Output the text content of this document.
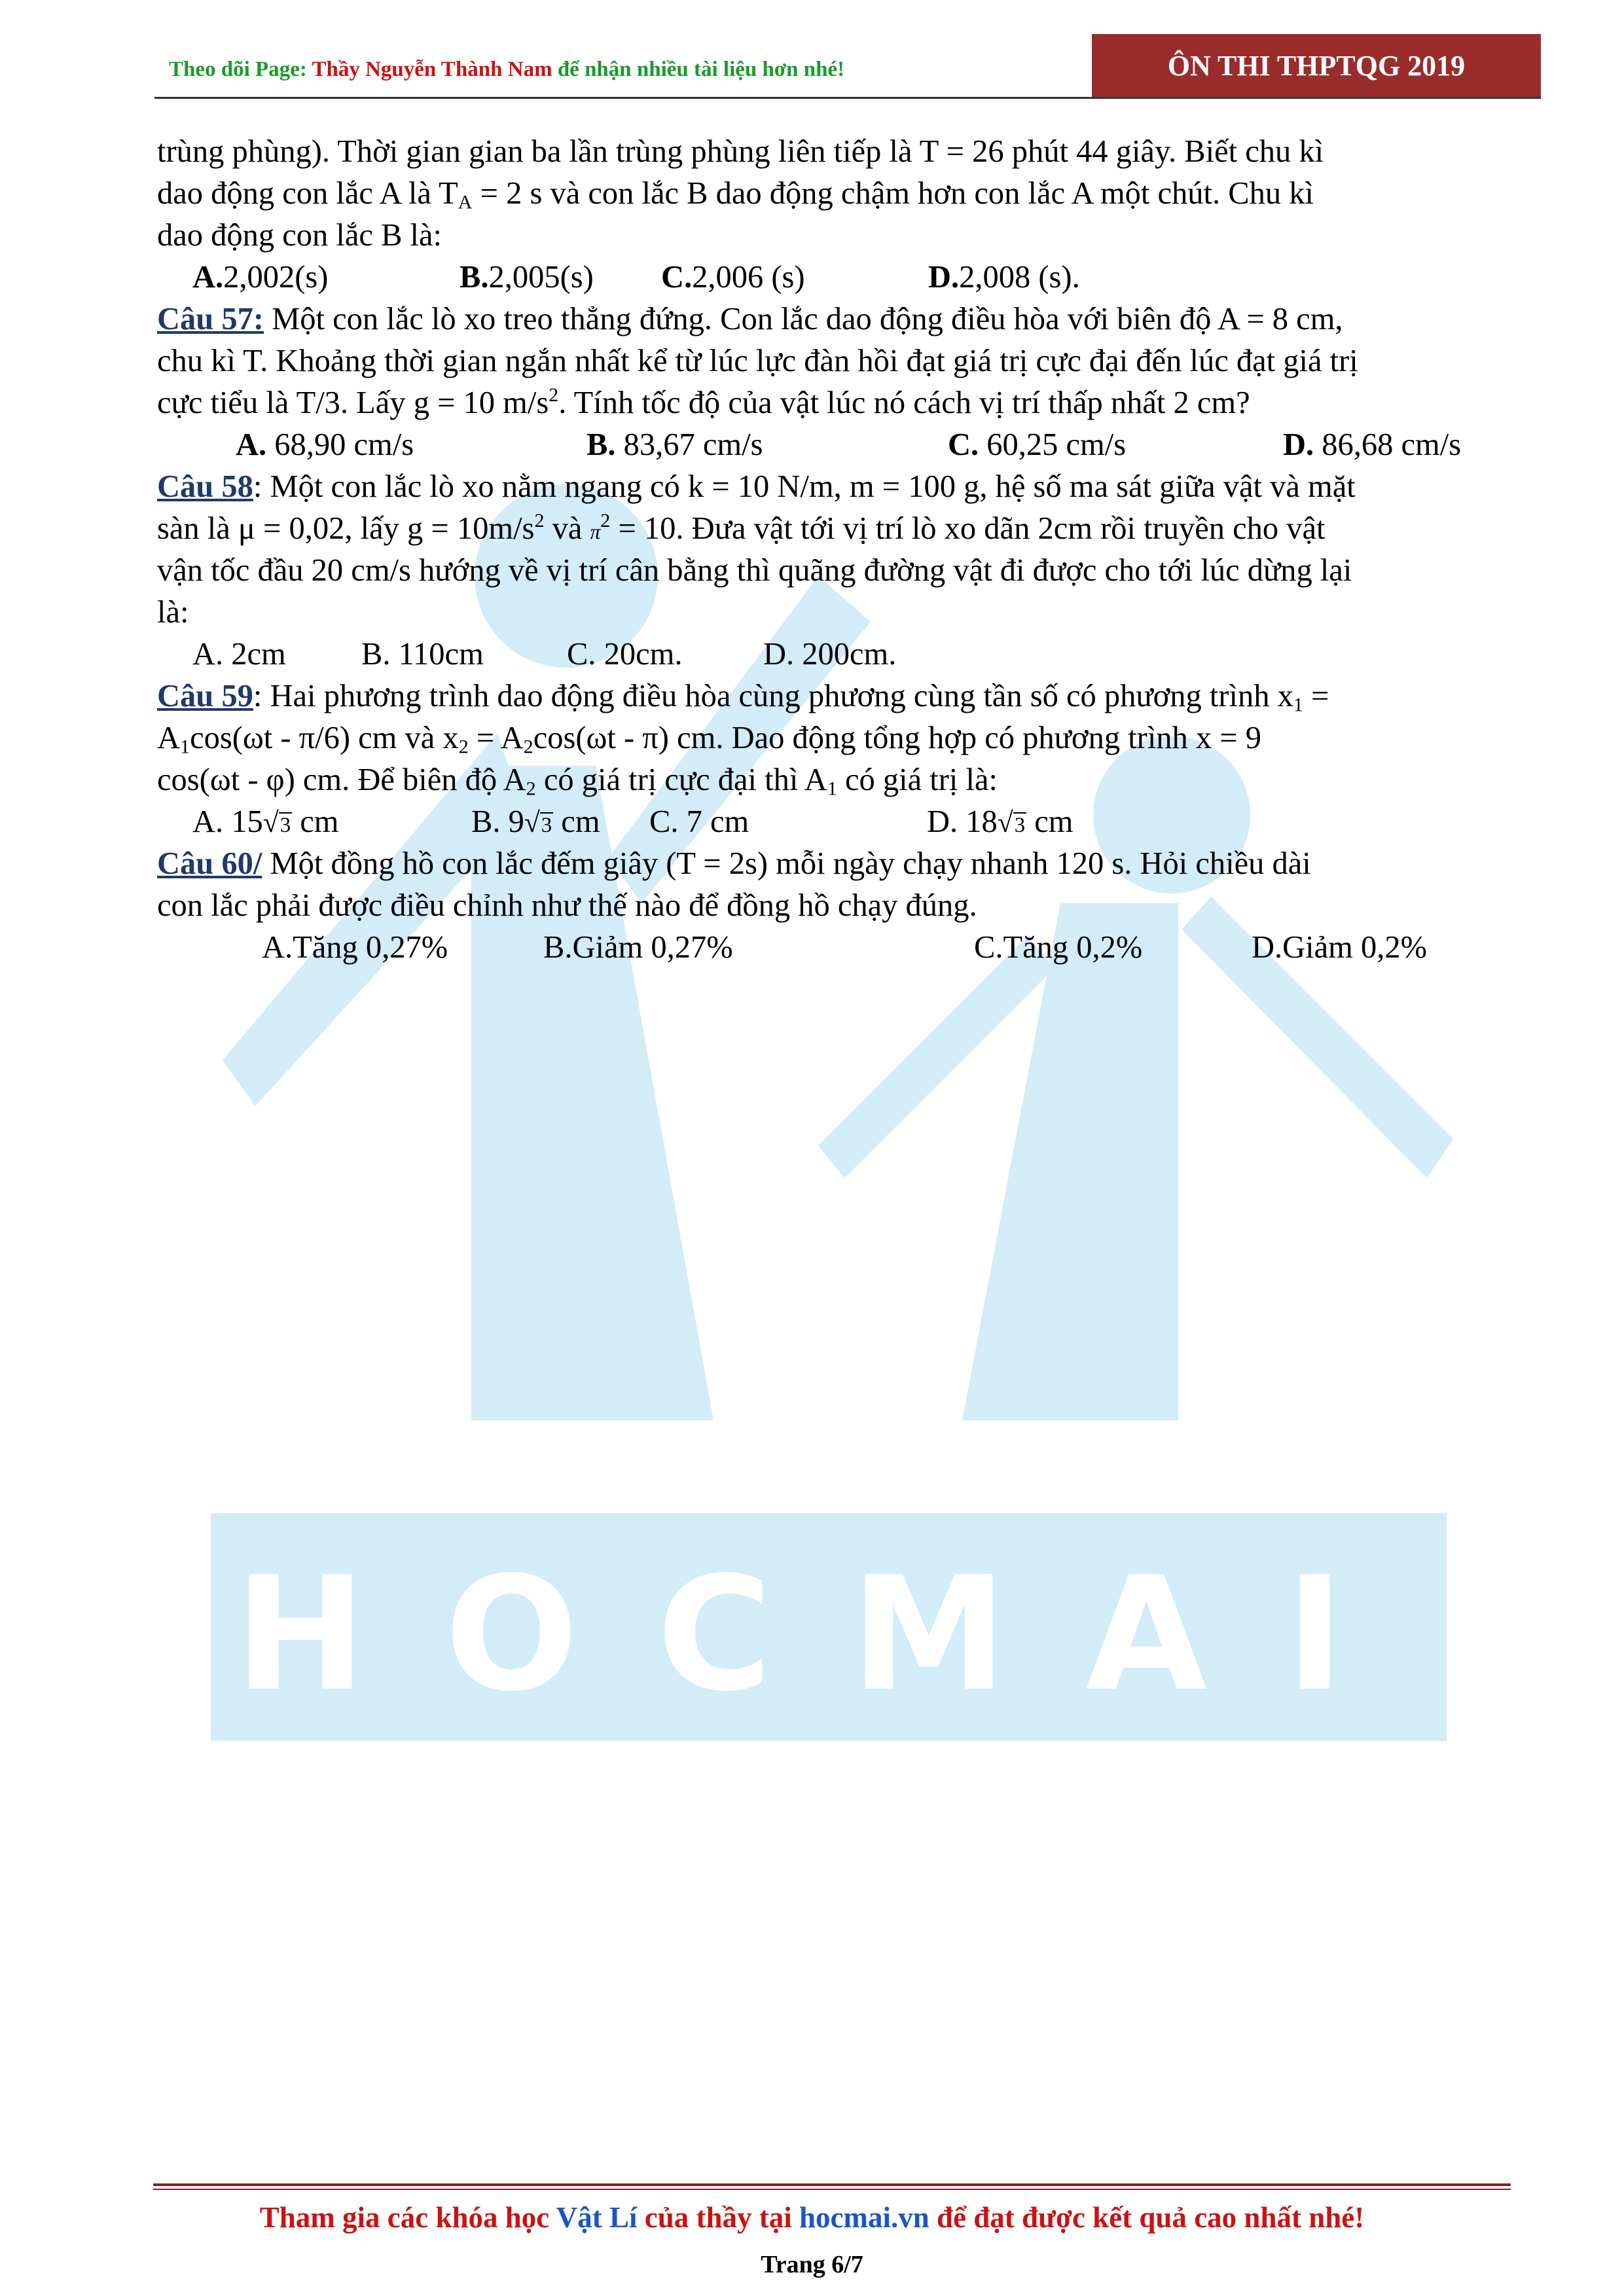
HOCMAI
Theo dõi Page: Thầy Nguyễn Thành Nam để nhận nhiều tài liệu hơn nhé!	ÔN THI THPTQG 2019
trùng phùng). Thời gian gian ba lần trùng phùng liên tiếp là T = 26 phút 44 giây. Biết chu kì
dao động con lắc A là $T_A = 2$ s và con lắc B dao động chậm hơn con lắc A một chút. Chu kì
dao động con lắc B là:
A.2,002(s)	B.2,005(s) C.2,006 (s)	D.2,008 (s).
Câu 57: Một con lắc lò xo treo thẳng đứng. Con lắc dao động điều hòa với biên độ A = 8 cm,
chu kì T. Khoảng thời gian ngắn nhất kể từ lúc lực đàn hồi đạt giá trị cực đại đến lúc đạt giá trị
cực tiểu là T/3. Lấy g = 10 $m/s^2$. Tính tốc độ của vật lúc nó cách vị trí thấp nhất 2 cm?
A. 68,90 cm/s	B. 83,67 cm/s	C. 60,25 cm/s	D. 86,68 cm/s
Câu 58: Một con lắc lò xo nằm ngang có k = 10 N/m, m = 100 g, hệ số ma sát giữa vật và mặt
sàn là μ = 0,02, lấy $g = 10m/s^2$ và $\pi^2 = 10$. Đưa vật tới vị trí lò xo dãn 2cm rồi truyền cho vật
vận tốc đầu 20 cm/s hướng về vị trí cân bằng thì quãng đường vật đi được cho tới lúc dừng lại
là:
A. 2cm B. 110cm	C. 20cm.	D. 200cm.
Câu 59: Hai phương trình dao động điều hòa cùng phương cùng tần số có phương trình $x_1$ =
$A_1\cos(\omega t - \pi/6)$ cm và $x_2 = A_2\cos(\omega t - \pi)$ cm. Dao động tổng hợp có phương trình x = 9
cos(ωt - φ) cm. Để biên độ $A_2$ có giá trị cực đại thì $A_1$ có giá trị là:
A. 15√3 cm	B. 9√3 cm C. 7 cm	D. 18√3 cm
Câu 60/ Một đồng hồ con lắc đếm giây (T = 2s) mỗi ngày chạy nhanh 120 s. Hỏi chiều dài
con lắc phải được điều chỉnh như thế nào để đồng hồ chạy đúng.
A.Tăng 0,27%	B.Giảm 0,27%	C.Tăng 0,2%	D.Giảm 0,2%
Tham gia các khóa học Vật Lí của thầy tại hocmai.vn để đạt được kết quả cao nhất nhé!
Trang 6/7
